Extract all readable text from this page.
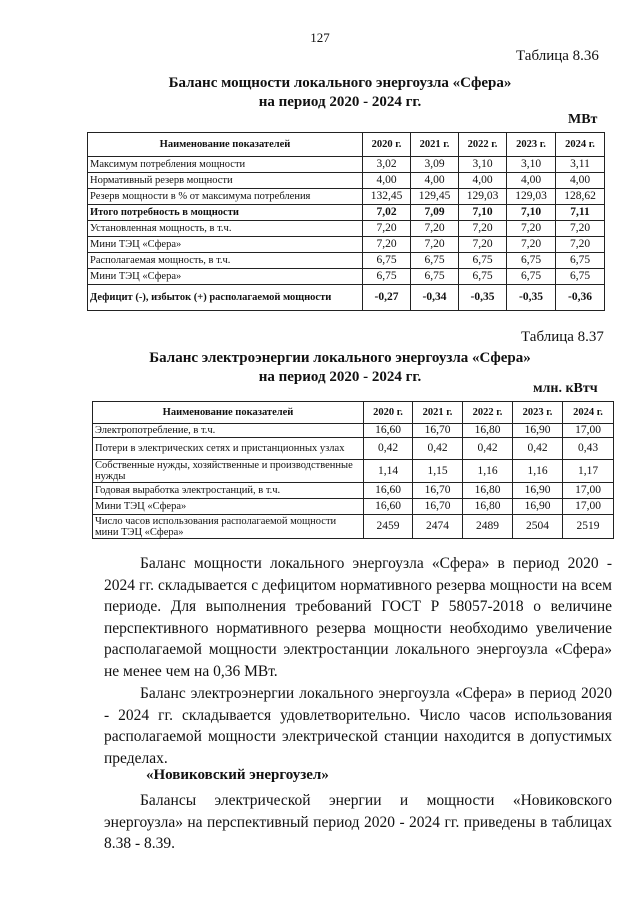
127
Таблица 8.36
Баланс мощности локального энергоузла «Сфера»
на период 2020 - 2024 гг.
МВт
Наименование показателей	2020 г.	2021 г.	2022 г.	2023 г.	2024 г.
Максимум потребления мощности	3,02	3,09	3,10	3,10	3,11
Нормативный резерв мощности	4,00	4,00	4,00	4,00	4,00
Резерв мощности в % от максимума потребления	132,45	129,45	129,03	129,03	128,62
Итого потребность в мощности	7,02	7,09	7,10	7,10	7,11
Установленная мощность, в т.ч.	7,20	7,20	7,20	7,20	7,20
Мини ТЭЦ «Сфера»	7,20	7,20	7,20	7,20	7,20
Располагаемая мощность, в т.ч.	6,75	6,75	6,75	6,75	6,75
Мини ТЭЦ «Сфера»	6,75	6,75	6,75	6,75	6,75
Дефицит (-), избыток (+) располагаемой мощности	-0,27	-0,34	-0,35	-0,35	-0,36
Таблица 8.37
Баланс электроэнергии локального энергоузла «Сфера»
на период 2020 - 2024 гг.
млн. кВтч
Наименование показателей	2020 г.	2021 г.	2022 г.	2023 г.	2024 г.
Электропотребление, в т.ч.	16,60	16,70	16,80	16,90	17,00
Потери в электрических сетях и пристанционных узлах	0,42	0,42	0,42	0,42	0,43
Собственные нужды, хозяйственные и производственные нужды	1,14	1,15	1,16	1,16	1,17
Годовая выработка электростанций, в т.ч.	16,60	16,70	16,80	16,90	17,00
Мини ТЭЦ «Сфера»	16,60	16,70	16,80	16,90	17,00
Число часов использования располагаемой мощности мини ТЭЦ «Сфера»	2459	2474	2489	2504	2519

Баланс мощности локального энергоузла «Сфера» в период 2020 - 2024 гг. складывается с дефицитом нормативного резерва мощности на всем периоде. Для выполнения требований ГОСТ Р 58057-2018 о величине перспективного нормативного резерва мощности необходимо увеличение располагаемой мощности электростанции локального энергоузла «Сфера» не менее чем на 0,36 МВт.

Баланс электроэнергии локального энергоузла «Сфера» в период 2020 - 2024 гг. складывается удовлетворительно. Число часов использования располагаемой мощности электрической станции находится в допустимых пределах.

«Новиковский энергоузел»

Балансы электрической энергии и мощности «Новиковского энергоузла» на перспективный период 2020 - 2024 гг. приведены в таблицах 8.38 - 8.39.
